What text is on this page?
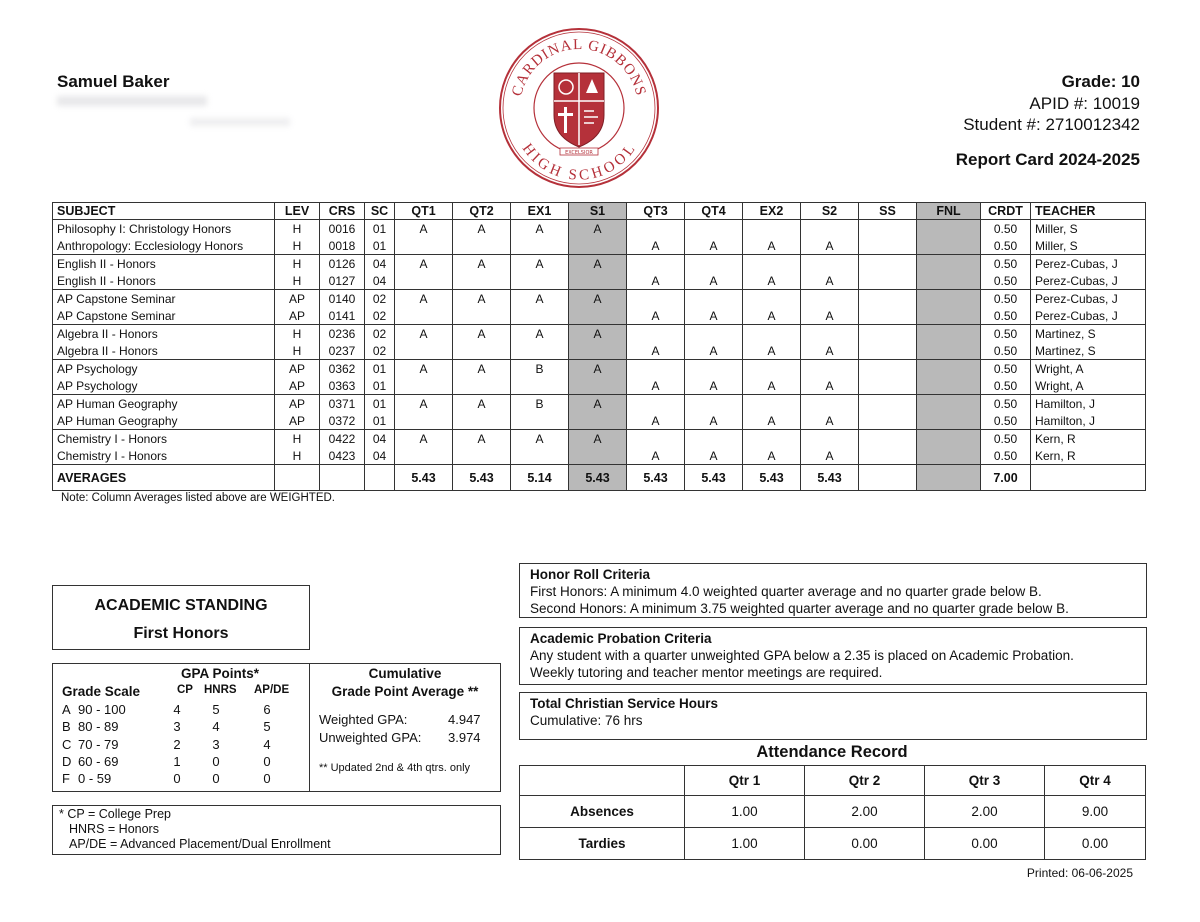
Samuel Baker	Grade: 10
APID #: 10019
Student #: 2710012342
Report Card 2024-2025
CARDINAL GIBBONS
HIGH SCHOOL
EXCELSIOR
SUBJECT	LEV	CRS	SC	QT1	QT2	EX1	S1	QT3	QT4	EX2	S2	SS	FNL	CRDT	TEACHER
Philosophy I: Christology Honors	H	0016	01	A	A	A	A							0.50	Miller, S
Anthropology: Ecclesiology Honors	H	0018	01					A	A	A	A			0.50	Miller, S
English II - Honors	H	0126	04	A	A	A	A							0.50	Perez-Cubas, J
English II - Honors	H	0127	04					A	A	A	A			0.50	Perez-Cubas, J
AP Capstone Seminar	AP	0140	02	A	A	A	A							0.50	Perez-Cubas, J
AP Capstone Seminar	AP	0141	02					A	A	A	A			0.50	Perez-Cubas, J
Algebra II - Honors	H	0236	02	A	A	A	A							0.50	Martinez, S
Algebra II - Honors	H	0237	02					A	A	A	A			0.50	Martinez, S
AP Psychology	AP	0362	01	A	A	B	A							0.50	Wright, A
AP Psychology	AP	0363	01					A	A	A	A			0.50	Wright, A
AP Human Geography	AP	0371	01	A	A	B	A							0.50	Hamilton, J
AP Human Geography	AP	0372	01					A	A	A	A			0.50	Hamilton, J
Chemistry I - Honors	H	0422	04	A	A	A	A							0.50	Kern, R
Chemistry I - Honors	H	0423	04					A	A	A	A			0.50	Kern, R
AVERAGES				5.43	5.43	5.14	5.43	5.43	5.43	5.43	5.43			7.00	
Note: Column Averages listed above are WEIGHTED.
ACADEMIC STANDING
First Honors
GPA Points*
Grade Scale	CP HNRS AP/DE
A 90 - 100	4	5	6
B 80 - 89	3	4	5
C 70 - 79	2	3	4
D 60 - 69	1	0	0
F 0 - 59	0	0	0
Cumulative
Grade Point Average **
Weighted GPA:	4.947
Unweighted GPA: 3.974
** Updated 2nd & 4th qtrs. only
* CP = College Prep
HNRS = Honors
AP/DE = Advanced Placement/Dual Enrollment
Honor Roll Criteria
First Honors: A minimum 4.0 weighted quarter average and no quarter grade below B.
Second Honors: A minimum 3.75 weighted quarter average and no quarter grade below B.
Academic Probation Criteria
Any student with a quarter unweighted GPA below a 2.35 is placed on Academic Probation.
Weekly tutoring and teacher mentor meetings are required.
Total Christian Service Hours
Cumulative: 76 hrs
Attendance Record
	Qtr 1	Qtr 2	Qtr 3	Qtr 4
Absences	1.00	2.00	2.00	9.00
Tardies	1.00	0.00	0.00	0.00
Printed: 06-06-2025
